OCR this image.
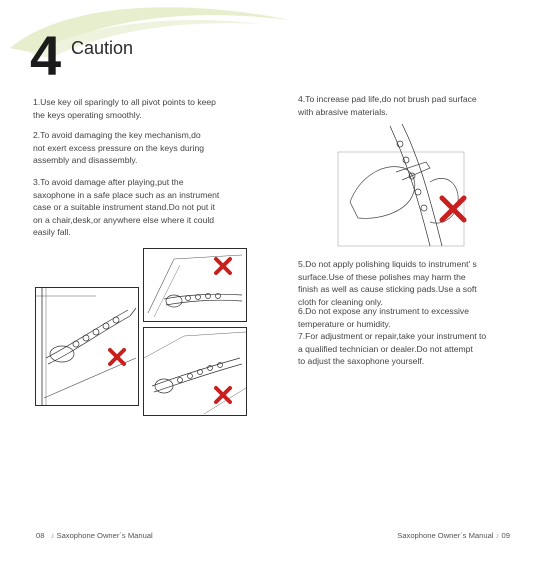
4 Caution
1.Use key oil sparingly to all pivot points to keep
the keys operating smoothly.
2.To avoid damaging the key mechanism,do
not exert excess pressure on the keys during
assembly and disassembly.
3.To avoid damage after playing,put the
saxophone in a safe place such as an instrument
case or a suitable instrument stand.Do not put it
on a chair,desk,or anywhere else where it could
easily fall.
4.To increase pad life,do not brush pad surface
with abrasive materials.
5.Do not apply polishing liquids to instrument’ s
surface.Use of these polishes may harm the
finish as well as cause sticking pads.Use a soft
cloth for cleaning only.
6.Do not expose any instrument to excessive
temperature or humidity.
7.For adjustment or repair,take your instrument to
a qualified technician or dealer.Do not attempt
to adjust the saxophone yourself.
08 ♪ Saxophone Owner´s Manual	Saxophone Owner´s Manual ♪ 09
